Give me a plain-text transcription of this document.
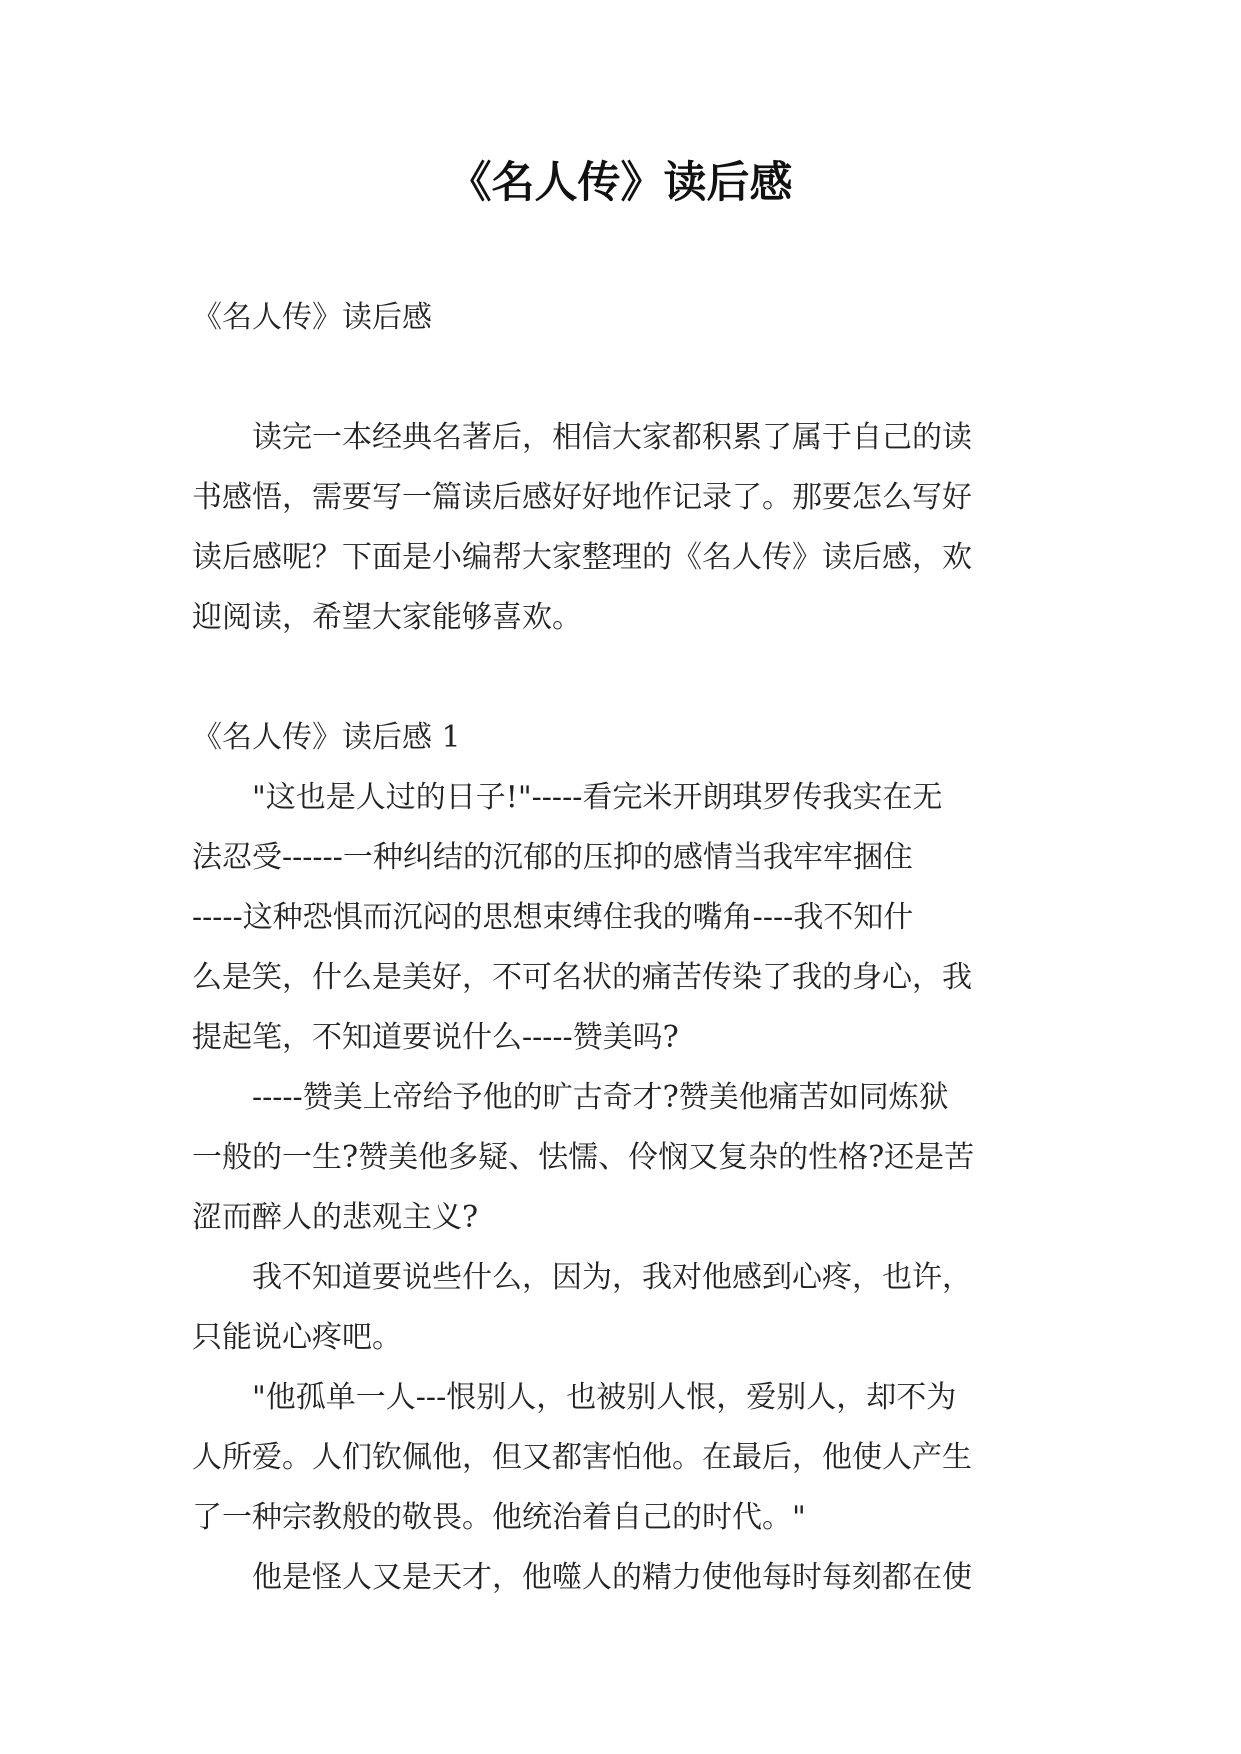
《名人传》读后感
《名人传》读后感
　　读完一本经典名著后，相信大家都积累了属于自己的读
书感悟，需要写一篇读后感好好地作记录了。那要怎么写好
读后感呢？下面是小编帮大家整理的《名人传》读后感，欢
迎阅读，希望大家能够喜欢。
《名人传》读后感 1
　　"这也是人过的日子!"-----看完米开朗琪罗传我实在无
法忍受------一种纠结的沉郁的压抑的感情当我牢牢捆住
-----这种恐惧而沉闷的思想束缚住我的嘴角----我不知什
么是笑，什么是美好，不可名状的痛苦传染了我的身心，我
提起笔，不知道要说什么-----赞美吗?
　　-----赞美上帝给予他的旷古奇才?赞美他痛苦如同炼狱
一般的一生?赞美他多疑、怯懦、伶悯又复杂的性格?还是苦
涩而醉人的悲观主义?
　　我不知道要说些什么，因为，我对他感到心疼，也许，
只能说心疼吧。
　　"他孤单一人---恨别人，也被别人恨，爱别人，却不为
人所爱。人们钦佩他，但又都害怕他。在最后，他使人产生
了一种宗教般的敬畏。他统治着自己的时代。"
　　他是怪人又是天才，他噬人的精力使他每时每刻都在使
